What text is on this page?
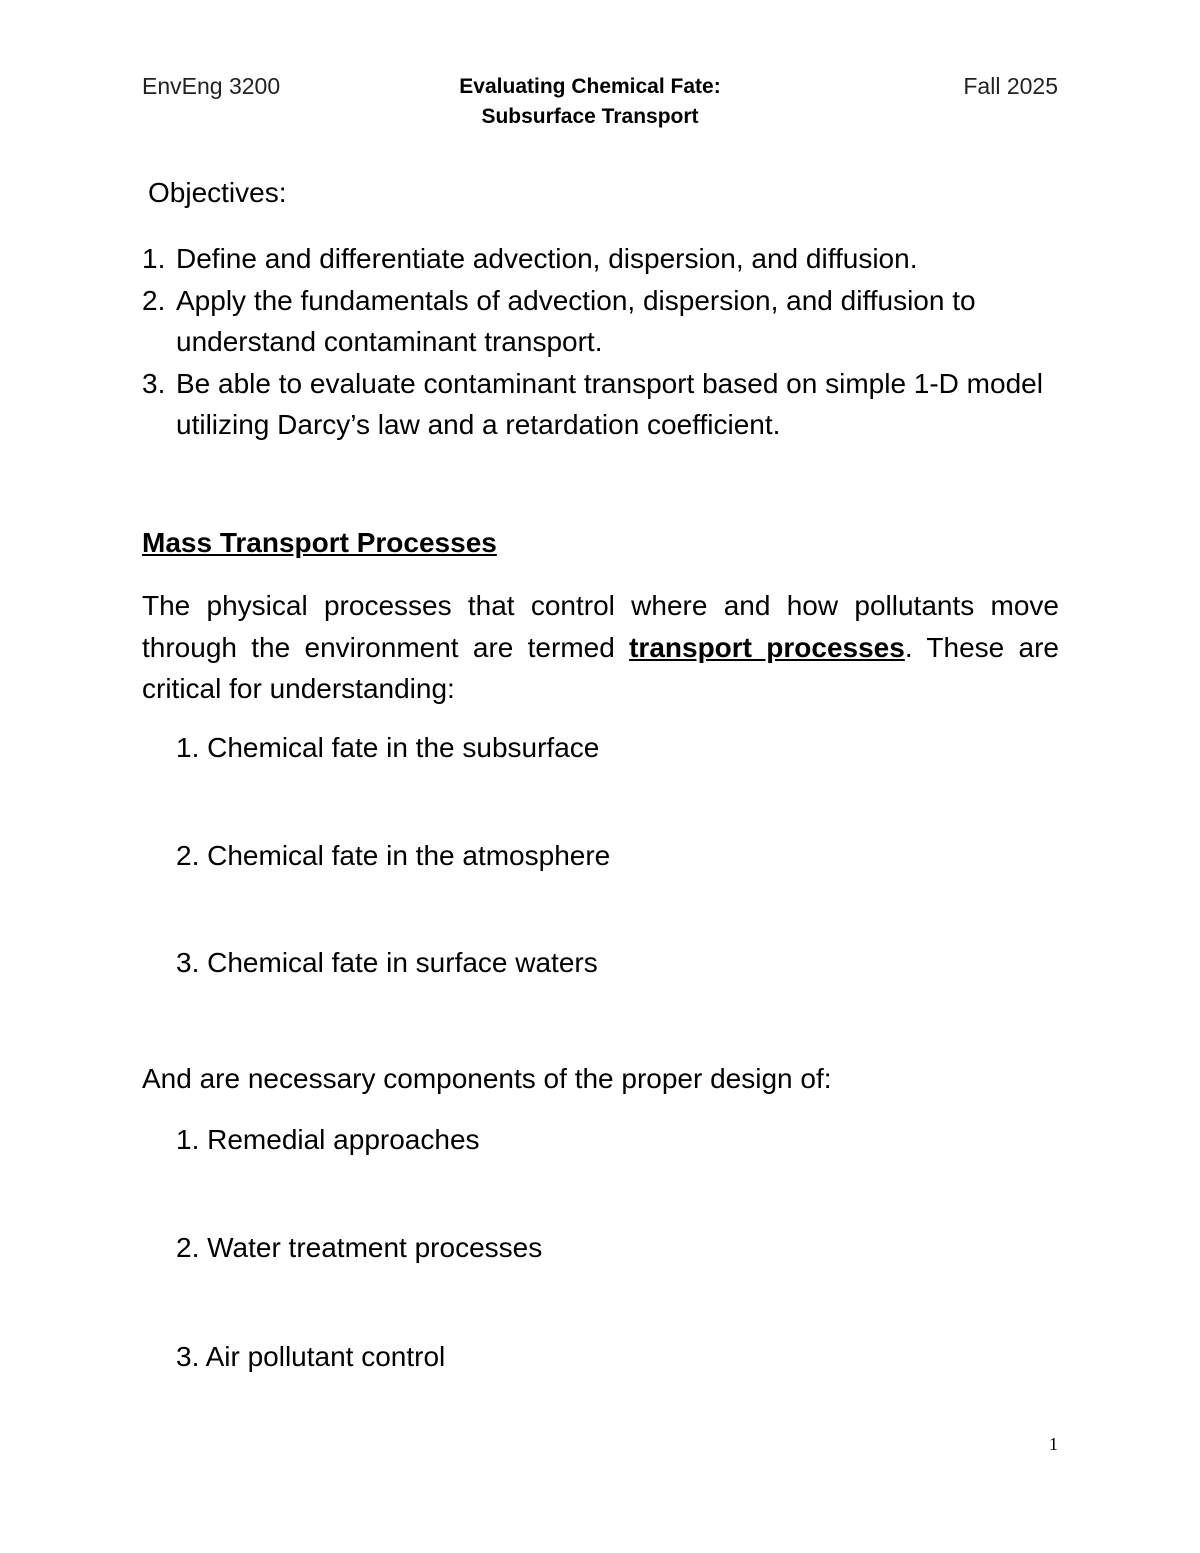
EnvEng 3200	Evaluating Chemical Fate:
Subsurface Transport
Fall 2025
Objectives:
1. Define and differentiate advection, dispersion, and diffusion.
2. Apply the fundamentals of advection, dispersion, and diffusion to understand contaminant transport.
3. Be able to evaluate contaminant transport based on simple 1-D model utilizing Darcy’s law and a retardation coefficient.
Mass Transport Processes
The physical processes that control where and how pollutants move through the environment are termed transport processes. These are critical for understanding:
1. Chemical fate in the subsurface
2. Chemical fate in the atmosphere
3. Chemical fate in surface waters
And are necessary components of the proper design of:
1. Remedial approaches
2. Water treatment processes
3. Air pollutant control
1
